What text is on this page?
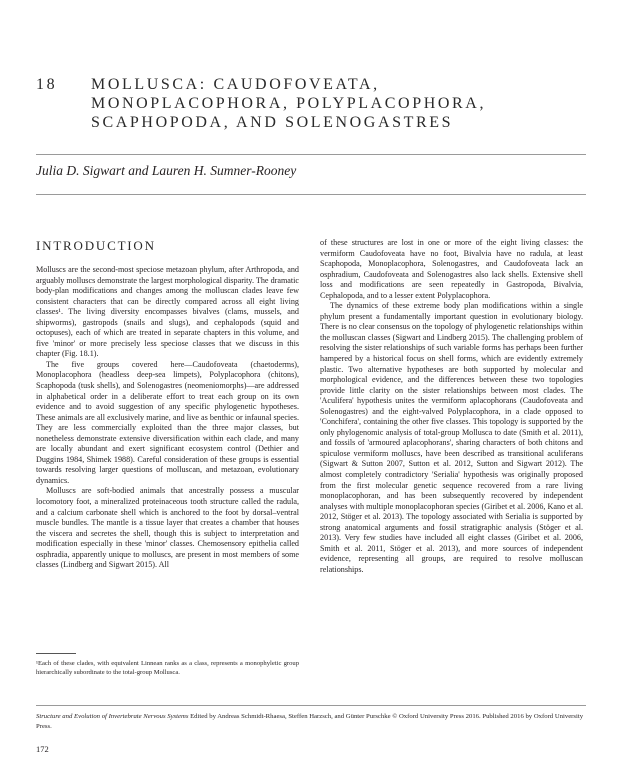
18 MOLLUSCA: CAUDOFOVEATA,
MONOPLACOPHORA, POLYPLACOPHORA,
SCAPHOPODA, AND SOLENOGASTRES
Julia D. Sigwart and Lauren H. Sumner-Rooney
INTRODUCTION

Molluscs are the second-most speciose metazoan phylum, after Arthropoda, and arguably molluscs demonstrate the largest morphological disparity. The dramatic body-plan modifications and changes among the molluscan clades leave few consistent characters that can be directly compared across all eight living classes¹. The living diversity encompasses bivalves (clams, mussels, and shipworms), gastropods (snails and slugs), and cephalopods (squid and octopuses), each of which are treated in separate chapters in this volume, and five 'minor' or more precisely less speciose classes that we discuss in this chapter (Fig. 18.1).

The five groups covered here—Caudofoveata (chaetoderms), Monoplacophora (headless deep-sea limpets), Polyplacophora (chitons), Scaphopoda (tusk shells), and Solenogastres (neomeniomorphs)—are addressed in alphabetical order in a deliberate effort to treat each group on its own evidence and to avoid suggestion of any specific phylogenetic hypotheses. These animals are all exclusively marine, and live as benthic or infaunal species. They are less commercially exploited than the three major classes, but nonetheless demonstrate extensive diversification within each clade, and many are locally abundant and exert significant ecosystem control (Dethier and Duggins 1984, Shimek 1988). Careful consideration of these groups is essential towards resolving larger questions of molluscan, and metazoan, evolutionary dynamics.

Molluscs are soft-bodied animals that ancestrally possess a muscular locomotory foot, a mineralized proteinaceous tooth structure called the radula, and a calcium carbonate shell which is anchored to the foot by dorsal–ventral muscle bundles. The mantle is a tissue layer that creates a chamber that houses the viscera and secretes the shell, though this is subject to interpretation and modification especially in these 'minor' classes. Chemosensory epithelia called osphradia, apparently unique to molluscs, are present in most members of some classes (Lindberg and Sigwart 2015). All

¹Each of these clades, with equivalent Linnean ranks as a class, represents a monophyletic group hierarchically subordinate to the total-group Mollusca.

of these structures are lost in one or more of the eight living classes: the vermiform Caudofoveata have no foot, Bivalvia have no radula, at least Scaphopoda, Monoplacophora, Solenogastres, and Caudofoveata lack an osphradium, Caudofoveata and Solenogastres also lack shells. Extensive shell loss and modifications are seen repeatedly in Gastropoda, Bivalvia, Cephalopoda, and to a lesser extent Polyplacophora.

The dynamics of these extreme body plan modifications within a single phylum present a fundamentally important question in evolutionary biology. There is no clear consensus on the topology of phylogenetic relationships within the molluscan classes (Sigwart and Lindberg 2015). The challenging problem of resolving the sister relationships of such variable forms has perhaps been further hampered by a historical focus on shell forms, which are evidently extremely plastic. Two alternative hypotheses are both supported by molecular and morphological evidence, and the differences between these two topologies provide little clarity on the sister relationships between most clades. The 'Aculifera' hypothesis unites the vermiform aplacophorans (Caudofoveata and Solenogastres) and the eight-valved Polyplacophora, in a clade opposed to 'Conchifera', containing the other five classes. This topology is supported by the only phylogenomic analysis of total-group Mollusca to date (Smith et al. 2011), and fossils of 'armoured aplacophorans', sharing characters of both chitons and spiculose vermiform molluscs, have been described as transitional aculiferans (Sigwart & Sutton 2007, Sutton et al. 2012, Sutton and Sigwart 2012). The almost completely contradictory 'Serialia' hypothesis was originally proposed from the first molecular genetic sequence recovered from a rare living monoplacophoran, and has been subsequently recovered by independent analyses with multiple monoplacophoran species (Giribet et al. 2006, Kano et al. 2012, Stöger et al. 2013). The topology associated with Serialia is supported by strong anatomical arguments and fossil stratigraphic analysis (Stöger et al. 2013). Very few studies have included all eight classes (Giribet et al. 2006, Smith et al. 2011, Stöger et al. 2013), and more sources of independent evidence, representing all groups, are required to resolve molluscan relationships.

Structure and Evolution of Invertebrate Nervous Systems Edited by Andreas Schmidt-Rhaesa, Steffen Harzsch, and Günter Purschke © Oxford University Press 2016. Published 2016 by Oxford University Press.
172
